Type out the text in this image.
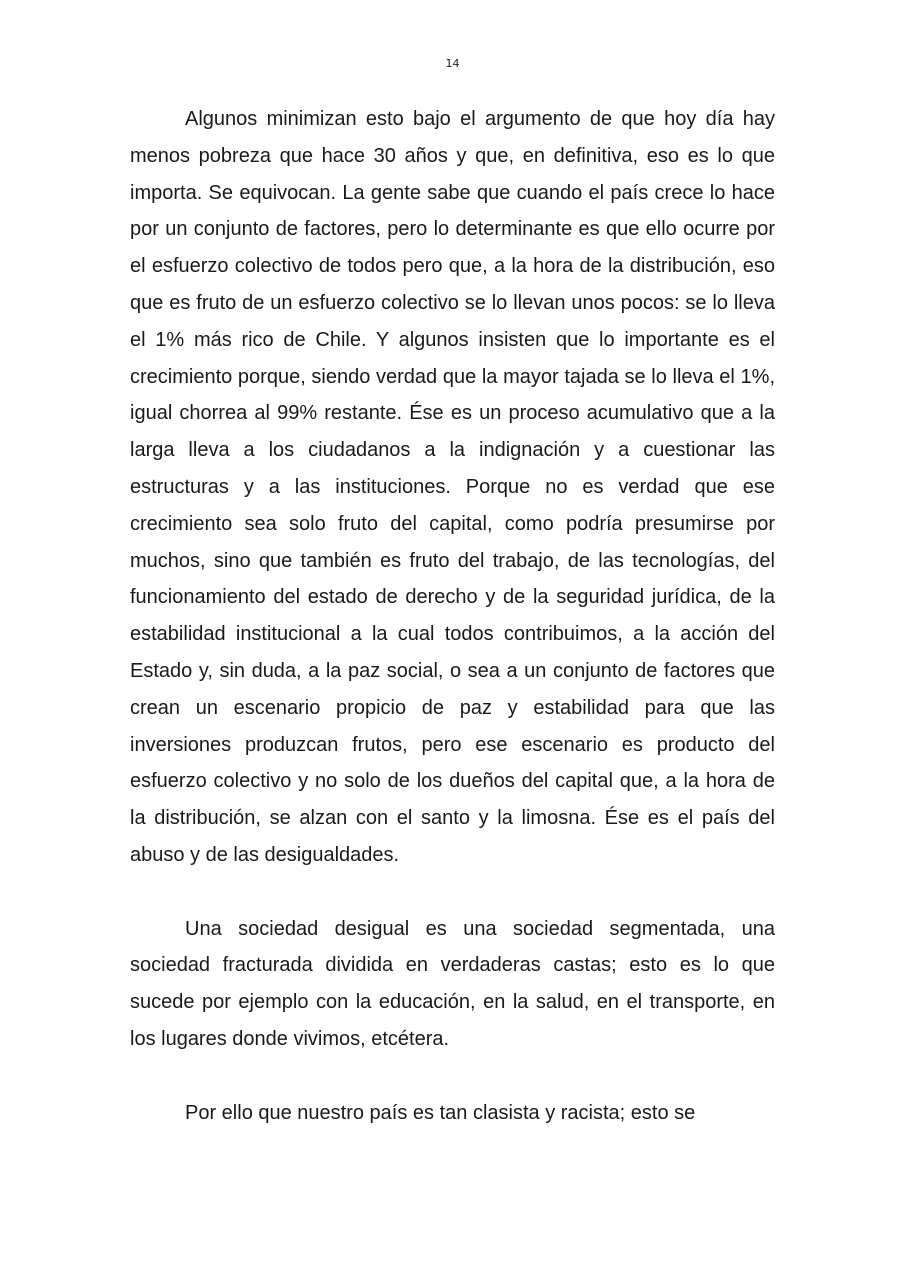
14

Algunos minimizan esto bajo el argumento de que hoy día hay menos pobreza que hace 30 años y que, en definitiva, eso es lo que importa. Se equivocan. La gente sabe que cuando el país crece lo hace por un conjunto de factores, pero lo determinante es que ello ocurre por el esfuerzo colectivo de todos pero que, a la hora de la distribución, eso que es fruto de un esfuerzo colectivo se lo llevan unos pocos: se lo lleva el 1% más rico de Chile. Y algunos insisten que lo importante es el crecimiento porque, siendo verdad que la mayor tajada se lo lleva el 1%, igual chorrea al 99% restante. Ése es un proceso acumulativo que a la larga lleva a los ciudadanos a la indignación y a cuestionar las estructuras y a las instituciones. Porque no es verdad que ese crecimiento sea solo fruto del capital, como podría presumirse por muchos, sino que también es fruto del trabajo, de las tecnologías, del funcionamiento del estado de derecho y de la seguridad jurídica, de la estabilidad institucional a la cual todos contribuimos, a la acción del Estado y, sin duda, a la paz social, o sea a un conjunto de factores que crean un escenario propicio de paz y estabilidad para que las inversiones produzcan frutos, pero ese escenario es producto del esfuerzo colectivo y no solo de los dueños del capital que, a la hora de la distribución, se alzan con el santo y la limosna. Ése es el país del abuso y de las desigualdades.

Una sociedad desigual es una sociedad segmentada, una sociedad fracturada dividida en verdaderas castas; esto es lo que sucede por ejemplo con la educación, en la salud, en el transporte, en los lugares donde vivimos, etcétera.

Por ello que nuestro país es tan clasista y racista; esto se
